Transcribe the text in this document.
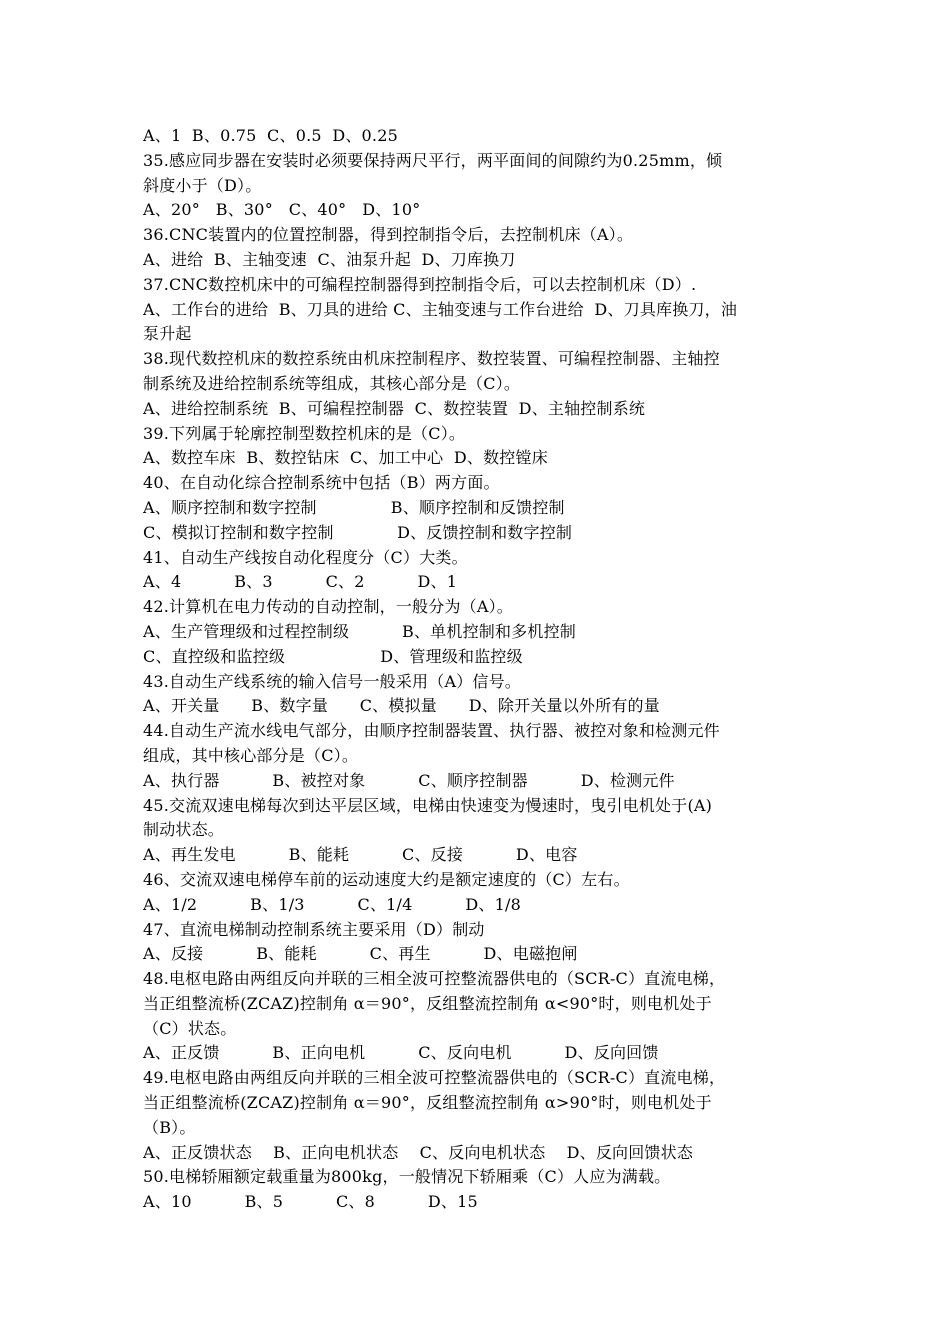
A、1  B、0.75  C、0.5  D、0.25
35.感应同步器在安装时必须要保持两尺平行，两平面间的间隙约为0.25mm，倾
斜度小于（D）。
A、20°   B、30°   C、40°   D、10°
36.CNC装置内的位置控制器，得到控制指令后，去控制机床（A）。
A、进给  B、主轴变速  C、油泵升起  D、刀库换刀
37.CNC数控机床中的可编程控制器得到控制指令后，可以去控制机床（D）.
A、工作台的进给  B、刀具的进给 C、主轴变速与工作台进给  D、刀具库换刀，油
泵升起
38.现代数控机床的数控系统由机床控制程序、数控装置、可编程控制器、主轴控
制系统及进给控制系统等组成，其核心部分是（C）。
A、进给控制系统  B、可编程控制器  C、数控装置  D、主轴控制系统
39.下列属于轮廓控制型数控机床的是（C）。
A、数控车床  B、数控钻床  C、加工中心  D、数控镗床
40、在自动化综合控制系统中包括（B）两方面。
A、顺序控制和数字控制              B、顺序控制和反馈控制
C、模拟订控制和数字控制            D、反馈控制和数字控制
41、自动生产线按自动化程度分（C）大类。
A、4          B、3          C、2          D、1
42.计算机在电力传动的自动控制，一般分为（A）。
A、生产管理级和过程控制级          B、单机控制和多机控制
C、直控级和监控级                  D、管理级和监控级
43.自动生产线系统的输入信号一般采用（A）信号。
A、开关量      B、数字量      C、模拟量      D、除开关量以外所有的量
44.自动生产流水线电气部分，由顺序控制器装置、执行器、被控对象和检测元件
组成，其中核心部分是（C）。
A、执行器          B、被控对象          C、顺序控制器          D、检测元件
45.交流双速电梯每次到达平层区域，电梯由快速变为慢速时，曳引电机处于(A)
制动状态。
A、再生发电          B、能耗          C、反接          D、电容
46、交流双速电梯停车前的运动速度大约是额定速度的（C）左右。
A、1/2          B、1/3          C、1/4          D、1/8
47、直流电梯制动控制系统主要采用（D）制动
A、反接          B、能耗          C、再生          D、电磁抱闸
48.电枢电路由两组反向并联的三相全波可控整流器供电的（SCR-C）直流电梯，
当正组整流桥(ZCAZ)控制角 α＝90°，反组整流控制角 α<90°时，则电机处于
（C）状态。
A、正反馈          B、正向电机          C、反向电机          D、反向回馈
49.电枢电路由两组反向并联的三相全波可控整流器供电的（SCR-C）直流电梯，
当正组整流桥(ZCAZ)控制角 α＝90°，反组整流控制角 α>90°时，则电机处于
（B）。
A、正反馈状态    B、正向电机状态    C、反向电机状态    D、反向回馈状态
50.电梯轿厢额定载重量为800kg，一般情况下轿厢乘（C）人应为满载。
A、10          B、5          C、8          D、15
